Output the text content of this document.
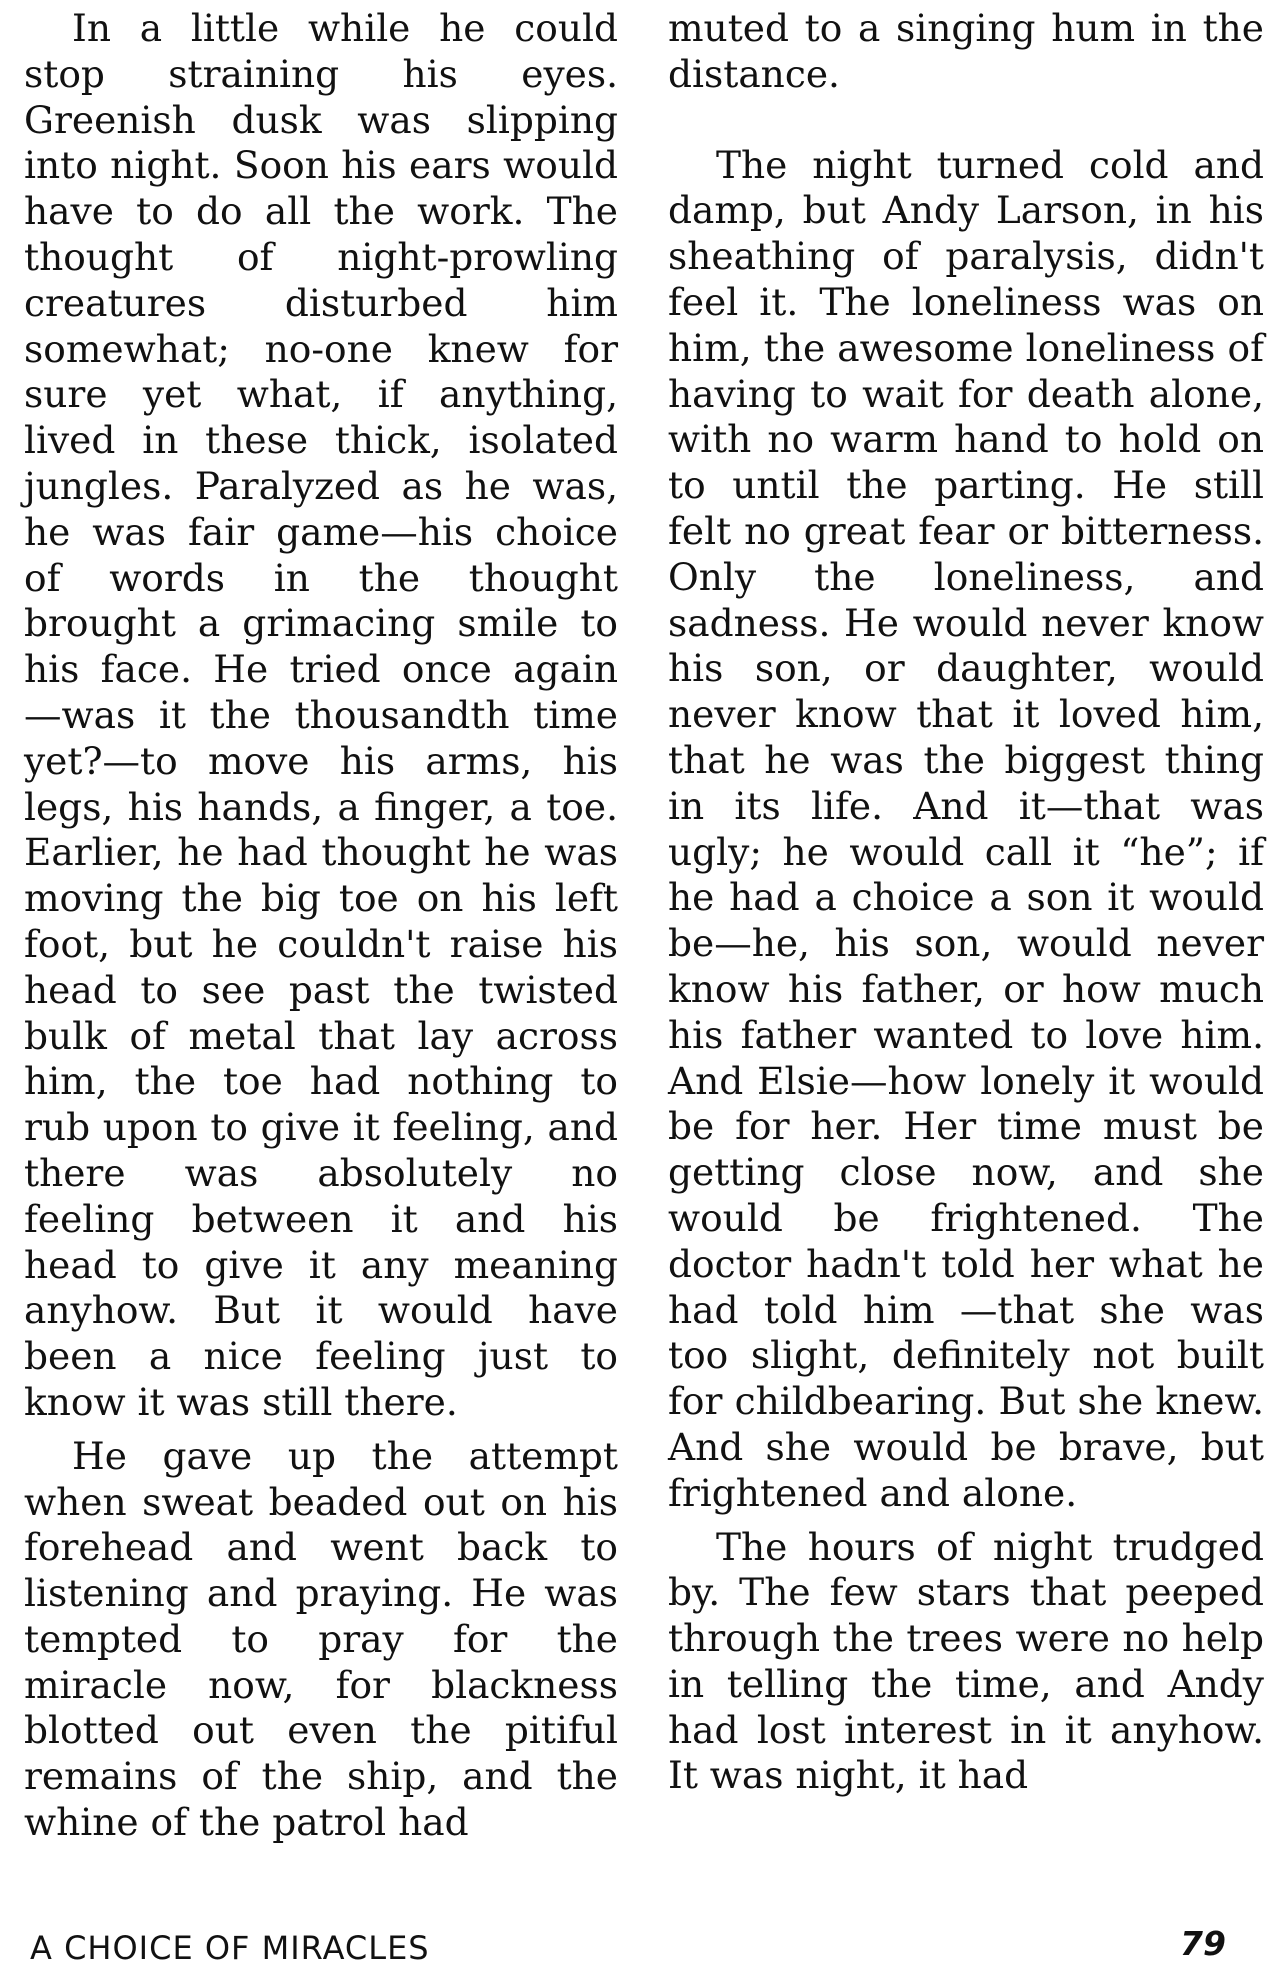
In a little while he could stop straining his eyes. Greenish dusk was slipping into night. Soon his ears would have to do all the work. The thought of night-prowling creatures disturbed him somewhat; no-one knew for sure yet what, if anything, lived in these thick, isolated jungles. Paralyzed as he was, he was fair game—his choice of words in the thought brought a grimacing smile to his face. He tried once again —was it the thousandth time yet?—to move his arms, his legs, his hands, a finger, a toe. Earlier, he had thought he was moving the big toe on his left foot, but he couldn't raise his head to see past the twisted bulk of metal that lay across him, the toe had nothing to rub upon to give it feeling, and there was absolutely no feeling between it and his head to give it any meaning anyhow. But it would have been a nice feeling just to know it was still there.

He gave up the attempt when sweat beaded out on his forehead and went back to listening and praying. He was tempted to pray for the miracle now, for blackness blotted out even the pitiful remains of the ship, and the whine of the patrol had

muted to a singing hum in the distance.

The night turned cold and damp, but Andy Larson, in his sheathing of paralysis, didn't feel it. The loneliness was on him, the awesome loneliness of having to wait for death alone, with no warm hand to hold on to until the parting. He still felt no great fear or bitterness. Only the loneliness, and sadness. He would never know his son, or daughter, would never know that it loved him, that he was the biggest thing in its life. And it—that was ugly; he would call it “he”; if he had a choice a son it would be—he, his son, would never know his father, or how much his father wanted to love him. And Elsie—how lonely it would be for her. Her time must be getting close now, and she would be frightened. The doctor hadn't told her what he had told him —that she was too slight, definitely not built for childbearing. But she knew. And she would be brave, but frightened and alone.

The hours of night trudged by. The few stars that peeped through the trees were no help in telling the time, and Andy had lost interest in it anyhow. It was night, it had

A CHOICE OF MIRACLES	79
